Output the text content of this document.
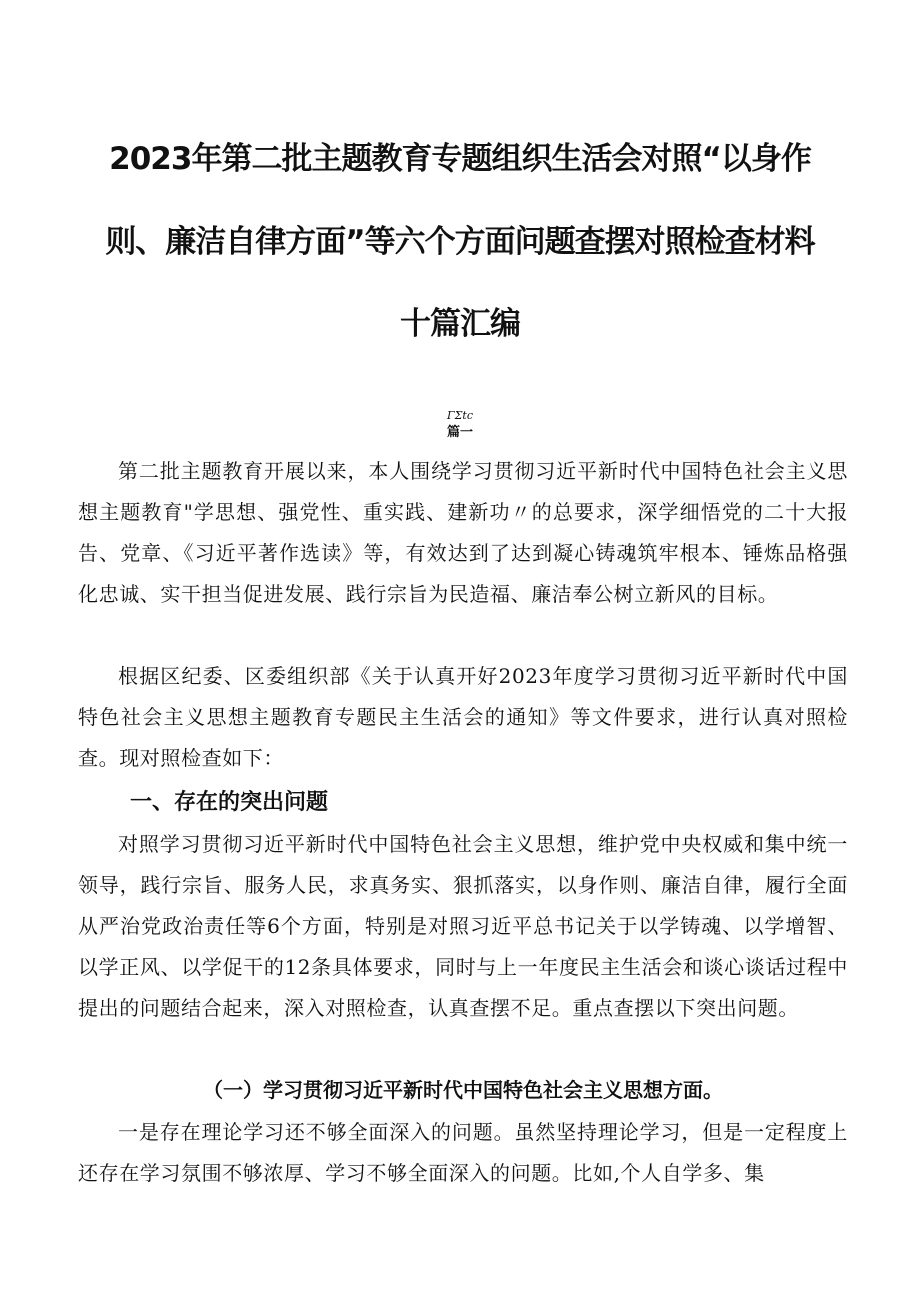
2023年第二批主题教育专题组织生活会对照“以身作
则、廉洁自律方面”等六个方面问题查摆对照检查材料
十篇汇编
ΓΣtc
篇一

第二批主题教育开展以来，本人围绕学习贯彻习近平新时代中国特色社会主义思想主题教育"学思想、强党性、重实践、建新功〃的总要求，深学细悟党的二十大报告、党章、《习近平著作选读》等，有效达到了达到凝心铸魂筑牢根本、锤炼品格强化忠诚、实干担当促进发展、践行宗旨为民造福、廉洁奉公树立新风的目标。

根据区纪委、区委组织部《关于认真开好2023年度学习贯彻习近平新时代中国特色社会主义思想主题教育专题民主生活会的通知》等文件要求，进行认真对照检查。现对照检查如下：

一、存在的突出问题

对照学习贯彻习近平新时代中国特色社会主义思想，维护党中央权威和集中统一领导，践行宗旨、服务人民，求真务实、狠抓落实，以身作则、廉洁自律，履行全面从严治党政治责任等6个方面，特别是对照习近平总书记关于以学铸魂、以学增智、以学正风、以学促干的12条具体要求，同时与上一年度民主生活会和谈心谈话过程中提出的问题结合起来，深入对照检查，认真查摆不足。重点查摆以下突出问题。

（一）学习贯彻习近平新时代中国特色社会主义思想方面。

一是存在理论学习还不够全面深入的问题。虽然坚持理论学习，但是一定程度上还存在学习氛围不够浓厚、学习不够全面深入的问题。比如,个人自学多、集
